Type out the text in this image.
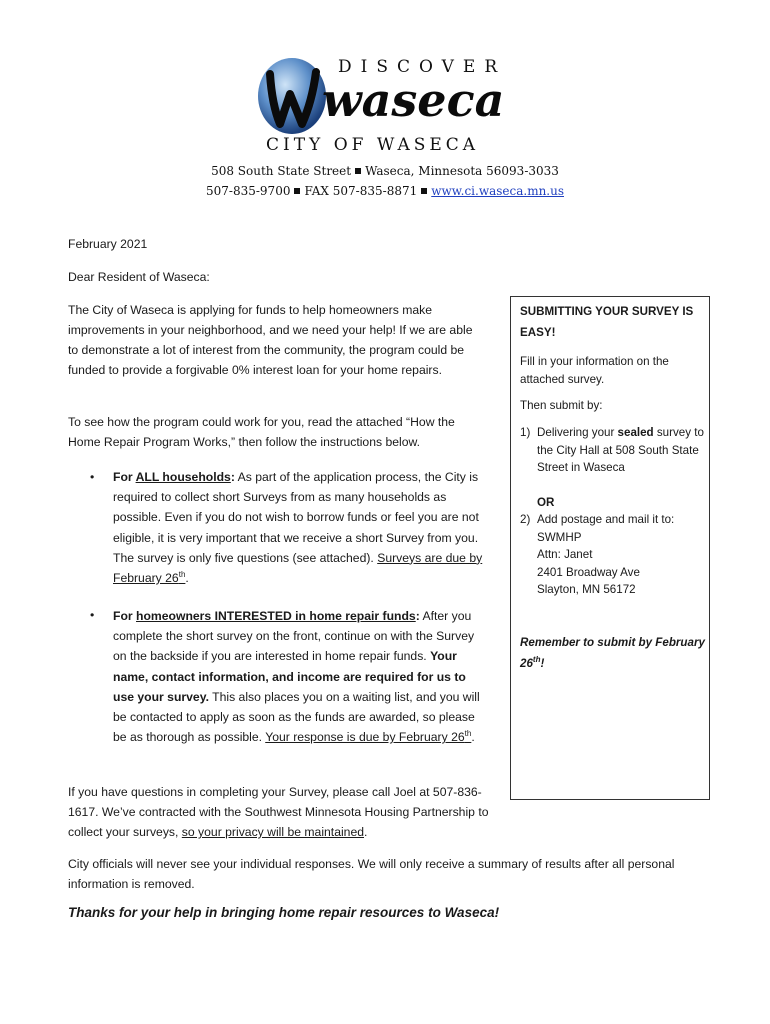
DISCOVER
waseca
CITY OF WASECA
508 South State Street Waseca, Minnesota 56093-3033
507-835-9700 FAX 507-835-8871 www.ci.waseca.mn.us
February 2021
Dear Resident of Waseca:
The City of Waseca is applying for funds to help homeowners make improvements in your neighborhood, and we need your help! If we are able to demonstrate a lot of interest from the community, the program could be funded to provide a forgivable 0% interest loan for your home repairs.
To see how the program could work for you, read the attached “How the Home Repair Program Works,” then follow the instructions below.
• For ALL households: As part of the application process, the City is required to collect short Surveys from as many households as possible. Even if you do not wish to borrow funds or feel you are not eligible, it is very important that we receive a short Survey from you. The survey is only five questions (see attached). Surveys are due by February 26th.
• For homeowners INTERESTED in home repair funds: After you complete the short survey on the front, continue on with the Survey on the backside if you are interested in home repair funds. Your name, contact information, and income are required for us to use your survey. This also places you on a waiting list, and you will be contacted to apply as soon as the funds are awarded, so please be as thorough as possible. Your response is due by February 26th.
If you have questions in completing your Survey, please call Joel at 507-836-1617. We’ve contracted with the Southwest Minnesota Housing Partnership to collect your surveys, so your privacy will be maintained.
City officials will never see your individual responses. We will only receive a summary of results after all personal information is removed.
Thanks for your help in bringing home repair resources to Waseca!
SUBMITTING YOUR SURVEY IS EASY!
Fill in your information on the attached survey.
Then submit by:
1) Delivering your sealed survey to the City Hall at 508 South State Street in Waseca
OR
2) Add postage and mail it to:
SWMHP
Attn: Janet
2401 Broadway Ave
Slayton, MN 56172
Remember to submit by February 26th!
